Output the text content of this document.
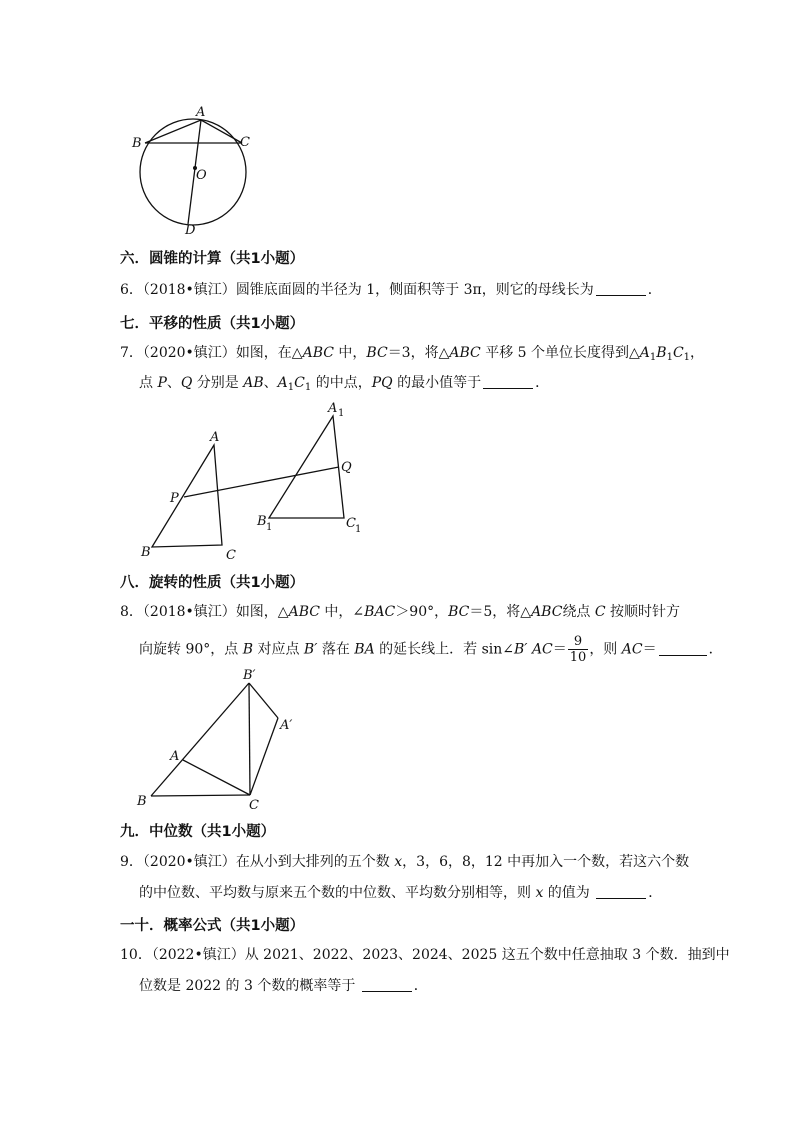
A
B	C
O
D
六．圆锥的计算（共1小题）
6．（2018•镇江）圆锥底面圆的半径为 1，侧面积等于 3π，则它的母线长为	．
七．平移的性质（共1小题）
7．（2020•镇江）如图，在△ABC 中，BC＝3，将△ABC 平移 5 个单位长度得到$\triangle A_1B_1C_1$，
点 P、Q 分别是 AB、$A_1C_1$ 的中点，PQ 的最小值等于	．
A
P
B	C
A 1
Q
B 1	C 1
八．旋转的性质（共1小题）
8．（2018•镇江）如图，△ABC 中，∠BAC＞90°，BC＝5，将△ABC绕点 C 按顺时针方
向旋转 90°，点 B 对应点 B′ 落在 BA 的延长线上．若 sin∠B′ $AC= \frac{9}{10}$ ，则 AC＝	．
B′
A′
A
B	C
九．中位数（共1小题）
9．（2020•镇江）在从小到大排列的五个数 x，3，6，8，12 中再加入一个数，若这六个数
的中位数、平均数与原来五个数的中位数、平均数分别相等，则 x 的值为	．
一十．概率公式（共1小题）
10．（2022•镇江）从 2021、2022、2023、2024、2025 这五个数中任意抽取 3 个数．抽到中
位数是 2022 的 3 个数的概率等于	．
